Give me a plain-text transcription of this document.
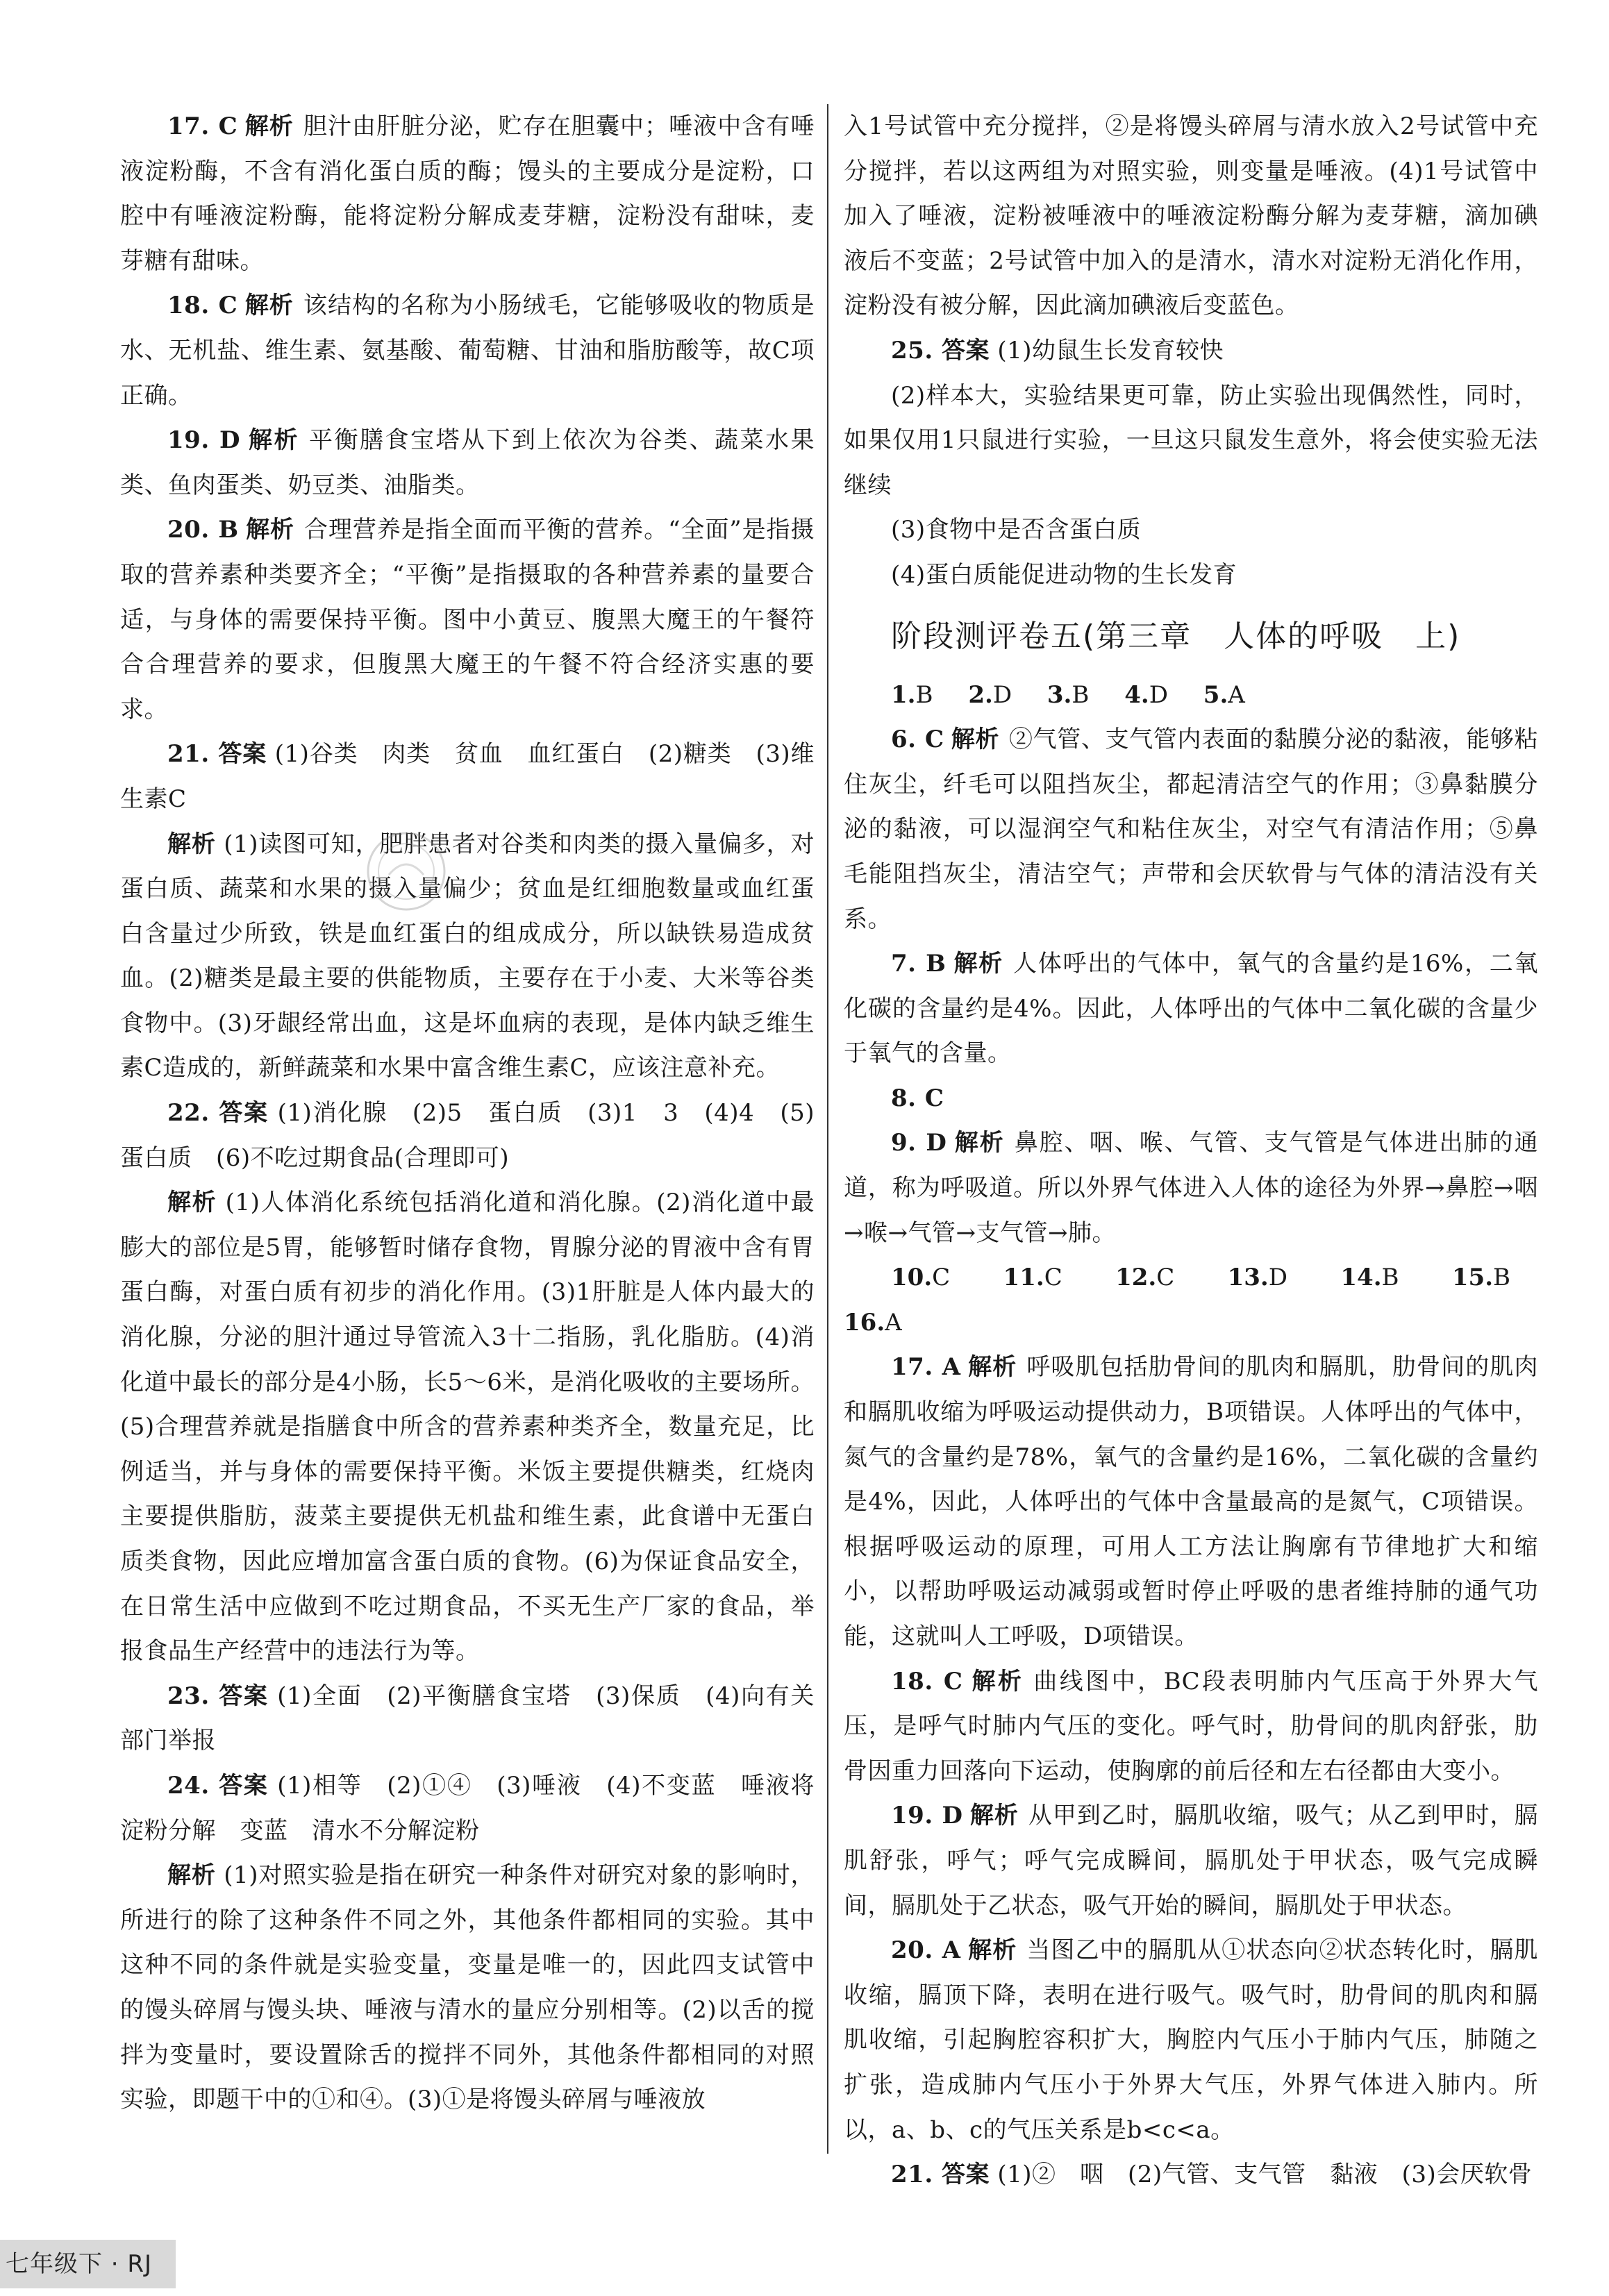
17. C 解析 胆汁由肝脏分泌，贮存在胆囊中；唾液中含有唾液淀粉酶，不含有消化蛋白质的酶；馒头的主要成分是淀粉，口腔中有唾液淀粉酶，能将淀粉分解成麦芽糖，淀粉没有甜味，麦芽糖有甜味。

18. C 解析 该结构的名称为小肠绒毛，它能够吸收的物质是水、无机盐、维生素、氨基酸、葡萄糖、甘油和脂肪酸等，故C项正确。

19. D 解析 平衡膳食宝塔从下到上依次为谷类、蔬菜水果类、鱼肉蛋类、奶豆类、油脂类。

20. B 解析 合理营养是指全面而平衡的营养。“全面”是指摄取的营养素种类要齐全；“平衡”是指摄取的各种营养素的量要合适，与身体的需要保持平衡。图中小黄豆、腹黑大魔王的午餐符合合理营养的要求，但腹黑大魔王的午餐不符合经济实惠的要求。

21. 答案 (1)谷类　肉类　贫血　血红蛋白　(2)糖类　(3)维生素C

解析 (1)读图可知，肥胖患者对谷类和肉类的摄入量偏多，对蛋白质、蔬菜和水果的摄入量偏少；贫血是红细胞数量或血红蛋白含量过少所致，铁是血红蛋白的组成成分，所以缺铁易造成贫血。(2)糖类是最主要的供能物质，主要存在于小麦、大米等谷类食物中。(3)牙龈经常出血，这是坏血病的表现，是体内缺乏维生素C造成的，新鲜蔬菜和水果中富含维生素C，应该注意补充。

22. 答案 (1)消化腺　(2)5　蛋白质　(3)1　3　(4)4　(5)蛋白质　(6)不吃过期食品(合理即可)

解析 (1)人体消化系统包括消化道和消化腺。(2)消化道中最膨大的部位是5胃，能够暂时储存食物，胃腺分泌的胃液中含有胃蛋白酶，对蛋白质有初步的消化作用。(3)1肝脏是人体内最大的消化腺，分泌的胆汁通过导管流入3十二指肠，乳化脂肪。(4)消化道中最长的部分是4小肠，长5～6米，是消化吸收的主要场所。(5)合理营养就是指膳食中所含的营养素种类齐全，数量充足，比例适当，并与身体的需要保持平衡。米饭主要提供糖类，红烧肉主要提供脂肪，菠菜主要提供无机盐和维生素，此食谱中无蛋白质类食物，因此应增加富含蛋白质的食物。(6)为保证食品安全，在日常生活中应做到不吃过期食品，不买无生产厂家的食品，举报食品生产经营中的违法行为等。

23. 答案 (1)全面　(2)平衡膳食宝塔　(3)保质　(4)向有关部门举报

24. 答案 (1)相等　(2)①④　(3)唾液　(4)不变蓝　唾液将淀粉分解　变蓝　清水不分解淀粉

解析 (1)对照实验是指在研究一种条件对研究对象的影响时，所进行的除了这种条件不同之外，其他条件都相同的实验。其中这种不同的条件就是实验变量，变量是唯一的，因此四支试管中的馒头碎屑与馒头块、唾液与清水的量应分别相等。(2)以舌的搅拌为变量时，要设置除舌的搅拌不同外，其他条件都相同的对照实验，即题干中的①和④。(3)①是将馒头碎屑与唾液放

入1号试管中充分搅拌，②是将馒头碎屑与清水放入2号试管中充分搅拌，若以这两组为对照实验，则变量是唾液。(4)1号试管中加入了唾液，淀粉被唾液中的唾液淀粉酶分解为麦芽糖，滴加碘液后不变蓝；2号试管中加入的是清水，清水对淀粉无消化作用，淀粉没有被分解，因此滴加碘液后变蓝色。

25. 答案 (1)幼鼠生长发育较快

(2)样本大，实验结果更可靠，防止实验出现偶然性，同时，如果仅用1只鼠进行实验，一旦这只鼠发生意外，将会使实验无法继续

(3)食物中是否含蛋白质

(4)蛋白质能促进动物的生长发育

阶段测评卷五(第三章　人体的呼吸　上)

1.B 2.D 3.B 4.D 5.A

6. C 解析 ②气管、支气管内表面的黏膜分泌的黏液，能够粘住灰尘，纤毛可以阻挡灰尘，都起清洁空气的作用；③鼻黏膜分泌的黏液，可以湿润空气和粘住灰尘，对空气有清洁作用；⑤鼻毛能阻挡灰尘，清洁空气；声带和会厌软骨与气体的清洁没有关系。

7. B 解析 人体呼出的气体中，氧气的含量约是16%，二氧化碳的含量约是4%。因此，人体呼出的气体中二氧化碳的含量少于氧气的含量。

8. C

9. D 解析 鼻腔、咽、喉、气管、支气管是气体进出肺的通道，称为呼吸道。所以外界气体进入人体的途径为外界→鼻腔→咽→喉→气管→支气管→肺。

10.C 11.C 12.C 13.D 14.B 15.B 16.A

17. A 解析 呼吸肌包括肋骨间的肌肉和膈肌，肋骨间的肌肉和膈肌收缩为呼吸运动提供动力，B项错误。人体呼出的气体中，氮气的含量约是78%，氧气的含量约是16%，二氧化碳的含量约是4%，因此，人体呼出的气体中含量最高的是氮气，C项错误。根据呼吸运动的原理，可用人工方法让胸廓有节律地扩大和缩小，以帮助呼吸运动减弱或暂时停止呼吸的患者维持肺的通气功能，这就叫人工呼吸，D项错误。

18. C 解析 曲线图中，BC段表明肺内气压高于外界大气压，是呼气时肺内气压的变化。呼气时，肋骨间的肌肉舒张，肋骨因重力回落向下运动，使胸廓的前后径和左右径都由大变小。

19. D 解析 从甲到乙时，膈肌收缩，吸气；从乙到甲时，膈肌舒张，呼气；呼气完成瞬间，膈肌处于甲状态，吸气完成瞬间，膈肌处于乙状态，吸气开始的瞬间，膈肌处于甲状态。

20. A 解析 当图乙中的膈肌从①状态向②状态转化时，膈肌收缩，膈顶下降，表明在进行吸气。吸气时，肋骨间的肌肉和膈肌收缩，引起胸腔容积扩大，胸腔内气压小于肺内气压，肺随之扩张，造成肺内气压小于外界大气压，外界气体进入肺内。所以，a、b、c的气压关系是b<c<a。

21. 答案 (1)②　咽　(2)气管、支气管　黏液　(3)会厌软骨

七年级下 · RJ
